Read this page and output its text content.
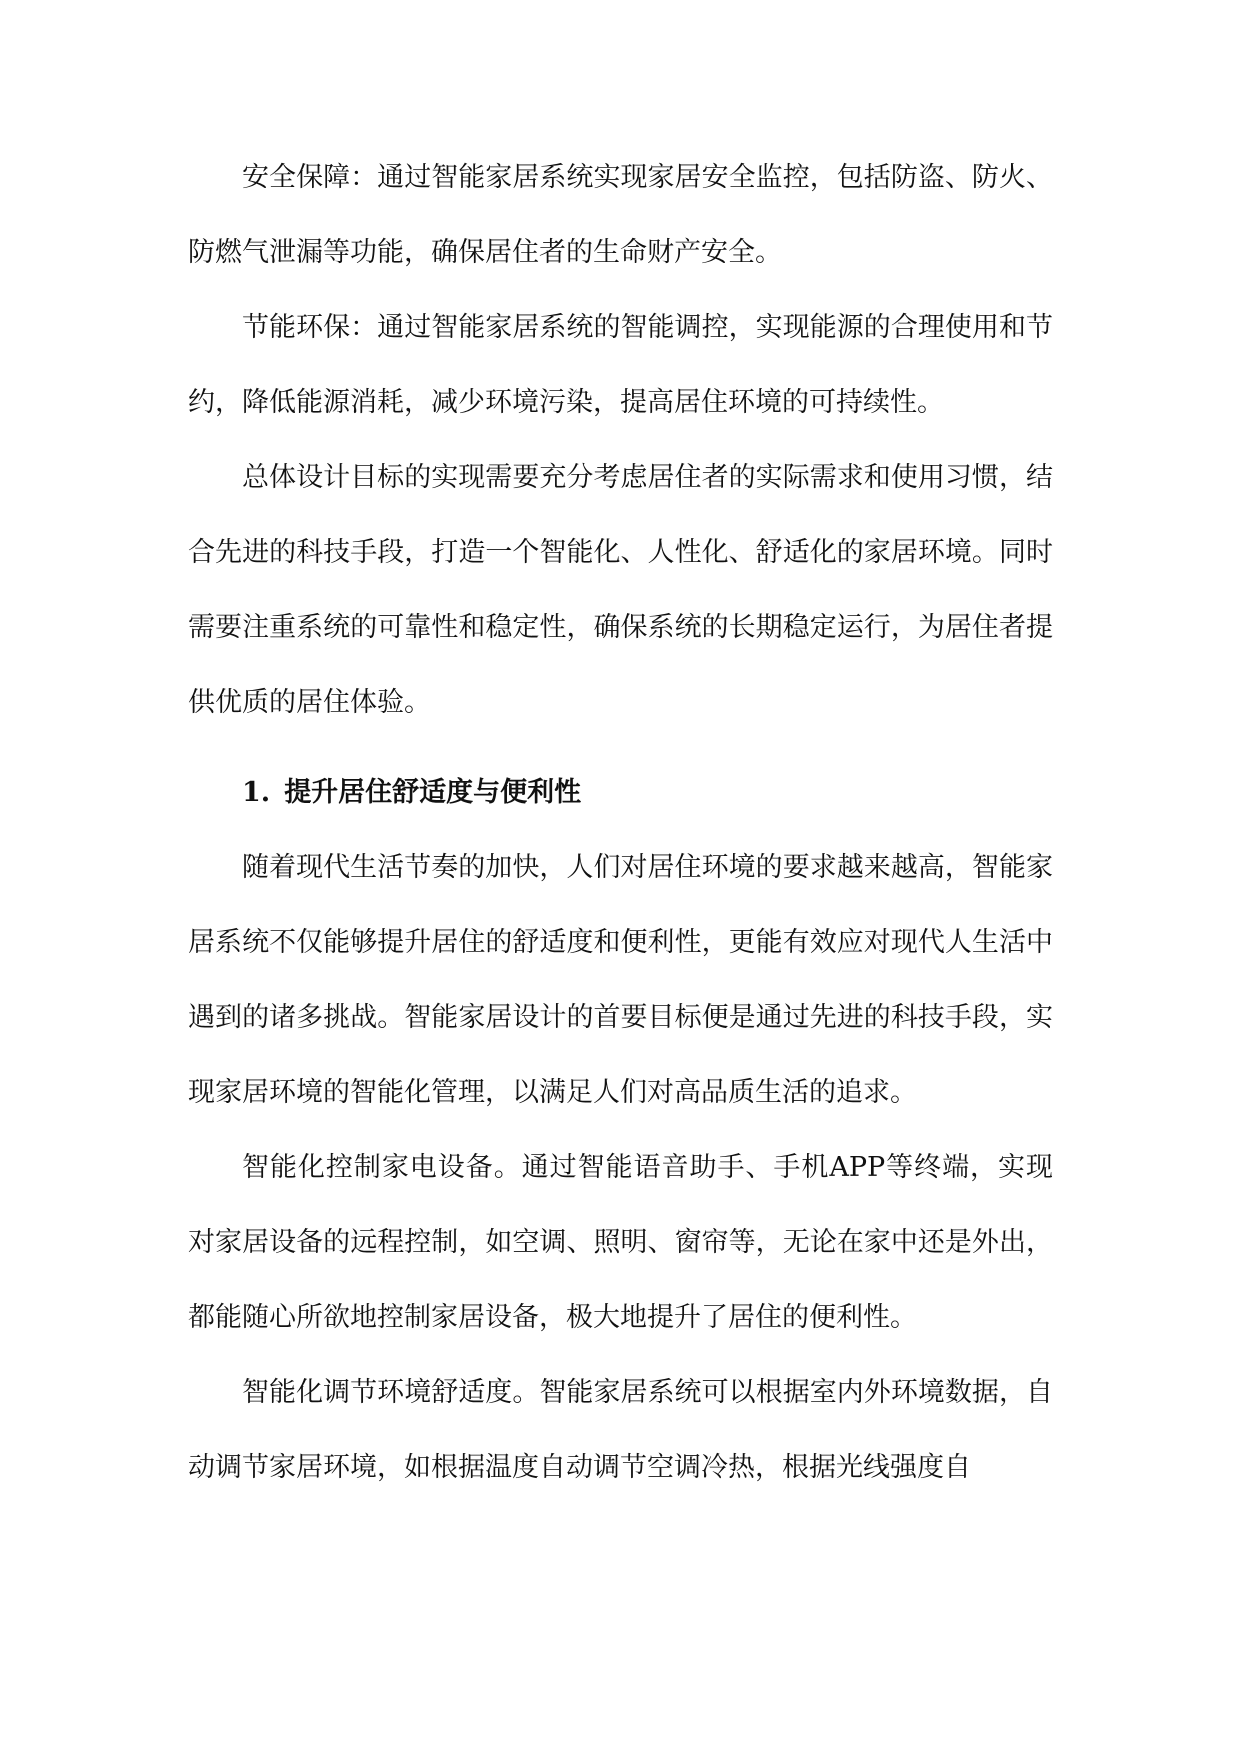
安全保障：通过智能家居系统实现家居安全监控，包括防盗、防火、防燃气泄漏等功能，确保居住者的生命财产安全。

节能环保：通过智能家居系统的智能调控，实现能源的合理使用和节约，降低能源消耗，减少环境污染，提高居住环境的可持续性。

总体设计目标的实现需要充分考虑居住者的实际需求和使用习惯，结合先进的科技手段，打造一个智能化、人性化、舒适化的家居环境。同时需要注重系统的可靠性和稳定性，确保系统的长期稳定运行，为居住者提供优质的居住体验。

1. 提升居住舒适度与便利性

随着现代生活节奏的加快，人们对居住环境的要求越来越高，智能家居系统不仅能够提升居住的舒适度和便利性，更能有效应对现代人生活中遇到的诸多挑战。智能家居设计的首要目标便是通过先进的科技手段，实现家居环境的智能化管理，以满足人们对高品质生活的追求。

智能化控制家电设备。通过智能语音助手、手机APP等终端，实现对家居设备的远程控制，如空调、照明、窗帘等，无论在家中还是外出，都能随心所欲地控制家居设备，极大地提升了居住的便利性。

智能化调节环境舒适度。智能家居系统可以根据室内外环境数据，自动调节家居环境，如根据温度自动调节空调冷热，根据光线强度自
